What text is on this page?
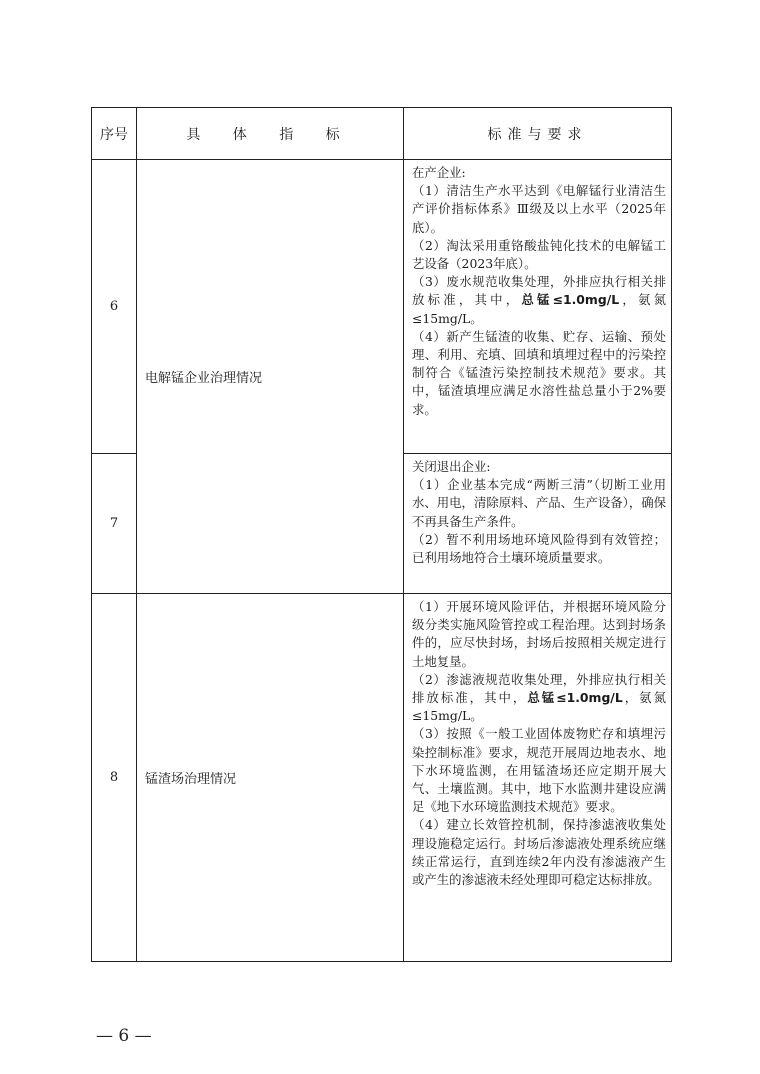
序号	具 体 指 标	标准与要求
6	电解锰企业治理情况	在产企业:

（1）清洁生产水平达到《电解锰行业清洁生产评价指标体系》Ⅲ级及以上水平（2025年底）。

（2）淘汰采用重铬酸盐钝化技术的电解锰工艺设备（2023年底）。

（3）废水规范收集处理，外排应执行相关排放标准，其中，总锰≤1.0mg/L，氨氮≤15mg/L。

（4）新产生锰渣的收集、贮存、运输、预处理、利用、充填、回填和填埋过程中的污染控制符合《锰渣污染控制技术规范》要求。其中，锰渣填埋应满足水溶性盐总量小于2%要求。

7		关闭退出企业:

（1）企业基本完成“两断三清”（切断工业用水、用电，清除原料、产品、生产设备），确保不再具备生产条件。

（2）暂不利用场地环境风险得到有效管控；已利用场地符合土壤环境质量要求。

8	锰渣场治理情况	（1）开展环境风险评估，并根据环境风险分级分类实施风险管控或工程治理。达到封场条件的，应尽快封场，封场后按照相关规定进行土地复垦。

（2）渗滤液规范收集处理，外排应执行相关排放标准，其中，总锰≤1.0mg/L，氨氮≤15mg/L。

（3）按照《一般工业固体废物贮存和填埋污染控制标准》要求，规范开展周边地表水、地下水环境监测，在用锰渣场还应定期开展大气、土壤监测。其中，地下水监测井建设应满足《地下水环境监测技术规范》要求。

（4）建立长效管控机制，保持渗滤液收集处理设施稳定运行。封场后渗滤液处理系统应继续正常运行，直到连续2年内没有渗滤液产生或产生的渗滤液未经处理即可稳定达标排放。

— 6 —
